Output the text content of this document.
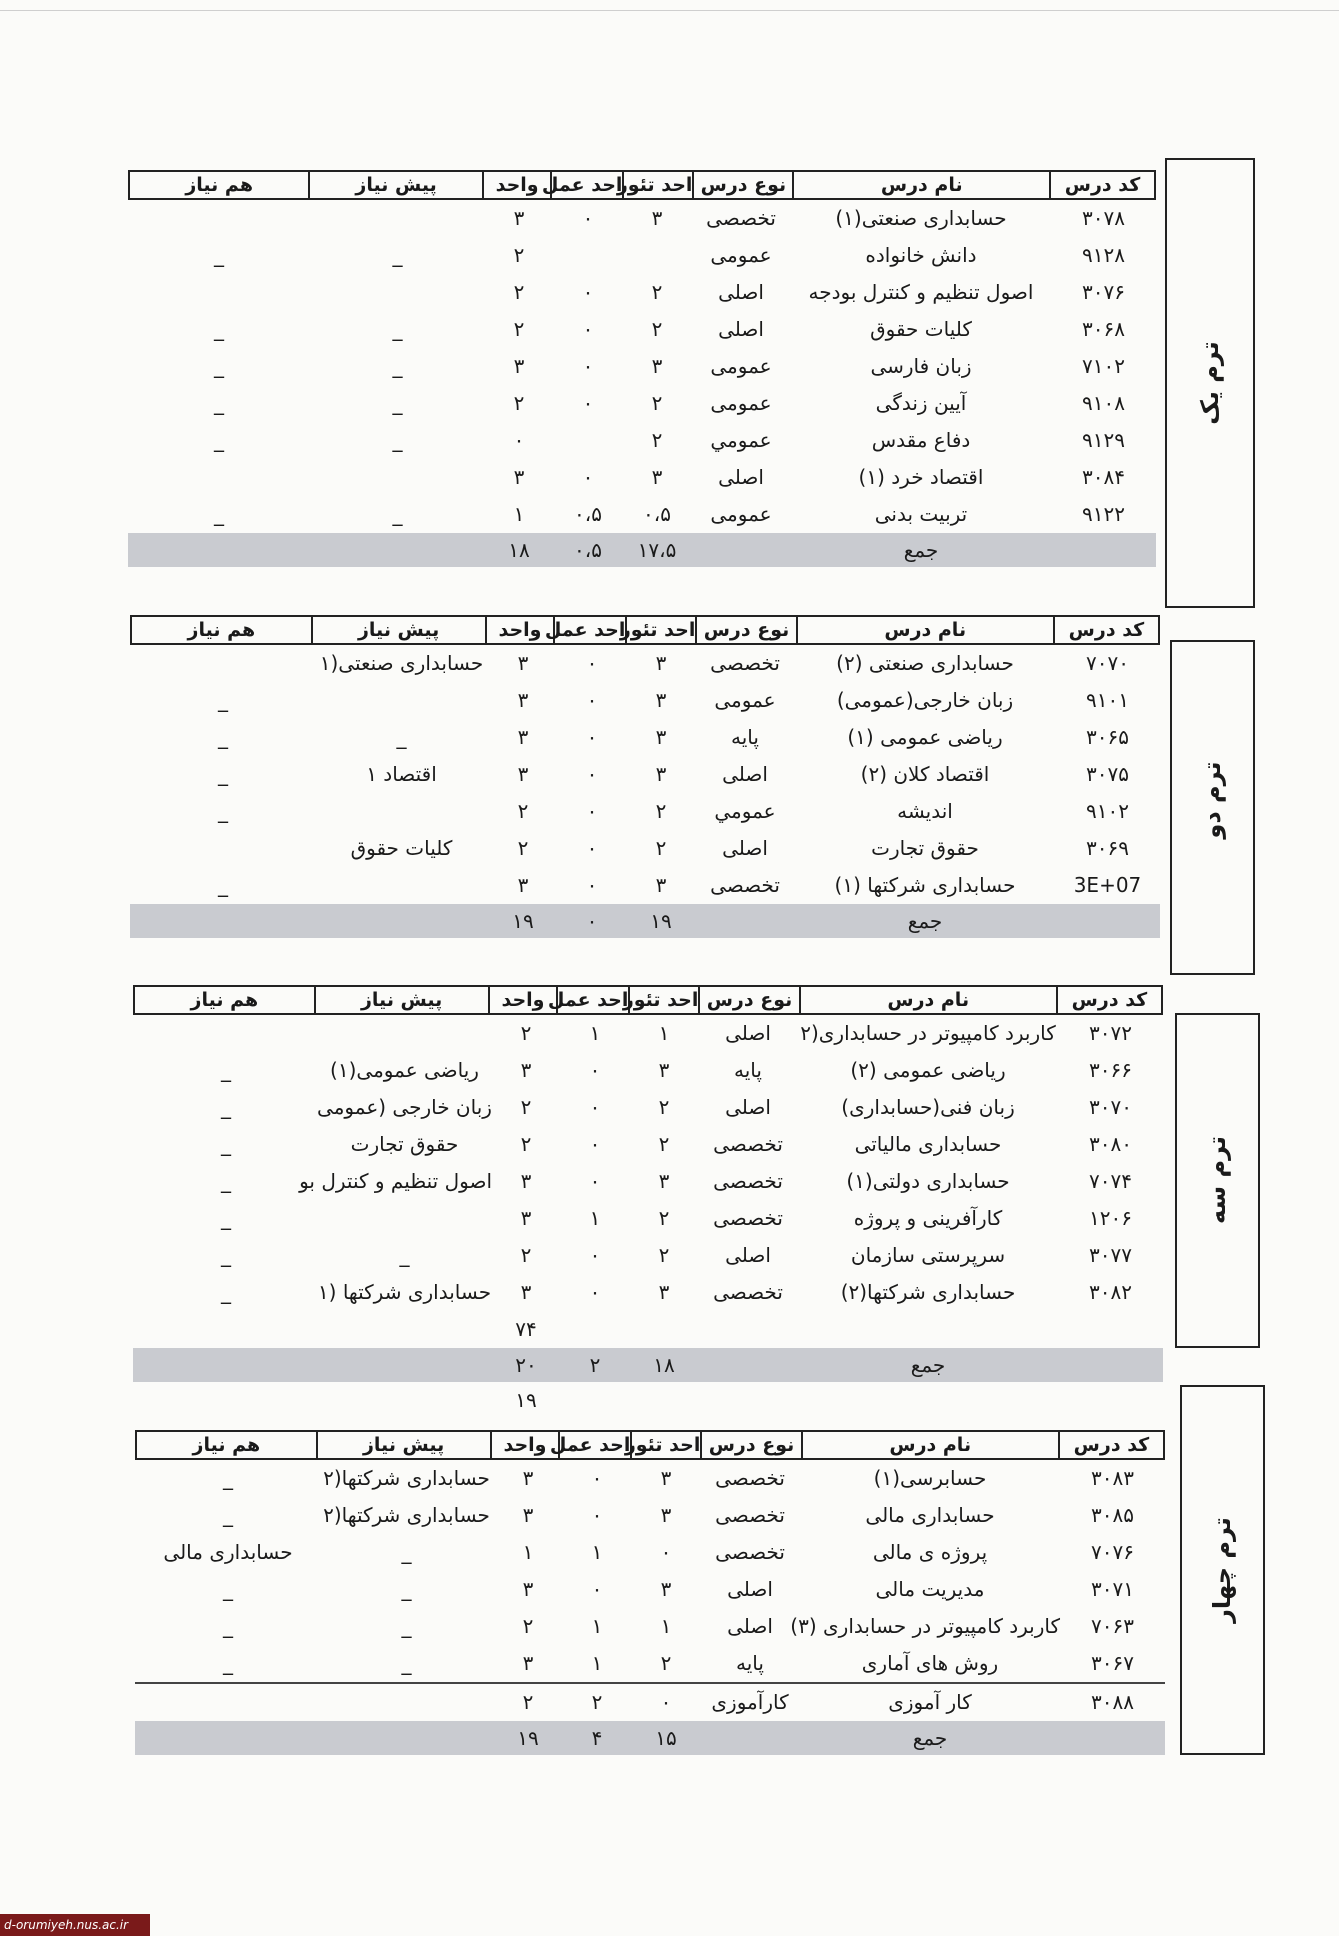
ترم یک
ترم دو
ترم سه
ترم چهار
کد درس
نام درس
نوع درس
احد تئور
احد عمل
واحد
پیش نیاز
هم نیاز
۳۰۷۸
حسابداری صنعتی(۱)
تخصصی
۳
۰
۳
۹۱۲۸
دانش خانواده
عمومی
۲
_
_
۳۰۷۶
اصول تنظیم و کنترل بودجه
اصلی
۲
۰
۲
۳۰۶۸
کلیات حقوق
اصلی
۲
۰
۲
_
_
۷۱۰۲
زبان فارسی
عمومی
۳
۰
۳
_
_
۹۱۰۸
آیین زندگی
عمومی
۲
۰
۲
_
_
۹۱۲۹
دفاع مقدس
عمومي
۲
۰
_
_
۳۰۸۴
اقتصاد خرد (۱)
اصلی
۳
۰
۳
۹۱۲۲
تربیت بدنی
عمومی
۰،۵
۰،۵
۱
_
_
جمع
۱۷،۵
۰،۵
۱۸
کد درس
نام درس
نوع درس
احد تئور
احد عمل
واحد
پیش نیاز
هم نیاز
۷۰۷۰
حسابداری صنعتی (۲)
تخصصی
۳
۰
۳
حسابداری صنعتی(۱
۹۱۰۱
زبان خارجی(عمومی)
عمومی
۳
۰
۳
_
۳۰۶۵
ریاضی عمومی (۱)
پایه
۳
۰
۳
_
_
۳۰۷۵
اقتصاد کلان (۲)
اصلی
۳
۰
۳
اقتصاد ۱
_
۹۱۰۲
اندیشه
عمومي
۲
۰
۲
_
۳۰۶۹
حقوق تجارت
اصلی
۲
۰
۲
کلیات حقوق
3E+07
حسابداری شرکتها (۱)
تخصصی
۳
۰
۳
_
جمع
۱۹
۰
۱۹
کد درس
نام درس
نوع درس
احد تئور
احد عمل
واحد
پیش نیاز
هم نیاز
۳۰۷۲
کاربرد کامپیوتر در حسابداری(۲
اصلی
۱
۱
۲
۳۰۶۶
ریاضی عمومی (۲)
پایه
۳
۰
۳
ریاضی عمومی(۱)
_
۳۰۷۰
زبان فنی(حسابداری)
اصلی
۲
۰
۲
زبان خارجی (عمومی
_
۳۰۸۰
حسابداری مالیاتی
تخصصی
۲
۰
۲
حقوق تجارت
_
۷۰۷۴
حسابداری دولتی(۱)
تخصصی
۳
۰
۳
اصول تنظیم و کنترل بو
_
۱۲۰۶
کارآفرینی و پروژه
تخصصی
۲
۱
۳
_
۳۰۷۷
سرپرستی سازمان
اصلی
۲
۰
۲
_
_
۳۰۸۲
حسابداری شرکتها(۲)
تخصصی
۳
۰
۳
حسابداری شرکتها (۱
_
۷۴
جمع
۱۸
۲
۲۰
۱۹
کد درس
نام درس
نوع درس
احد تئور
احد عمل
واحد
پیش نیاز
هم نیاز
۳۰۸۳
حسابرسی(۱)
تخصصی
۳
۰
۳
حسابداری شرکتها(۲
_
۳۰۸۵
حسابداری مالی
تخصصی
۳
۰
۳
حسابداری شرکتها(۲
_
۷۰۷۶
پروژه ی مالی
تخصصی
۰
۱
۱
_
حسابداری مالی
۳۰۷۱
مدیریت مالی
اصلی
۳
۰
۳
_
_
۷۰۶۳
کاربرد کامپیوتر در حسابداری (۳)
اصلی
۱
۱
۲
_
_
۳۰۶۷
روش های آماری
پایه
۲
۱
۳
_
_
۳۰۸۸
کار آموزی
کارآموزی
۰
۲
۲
جمع
۱۵
۴
۱۹
d-orumiyeh.nus.ac.ir
